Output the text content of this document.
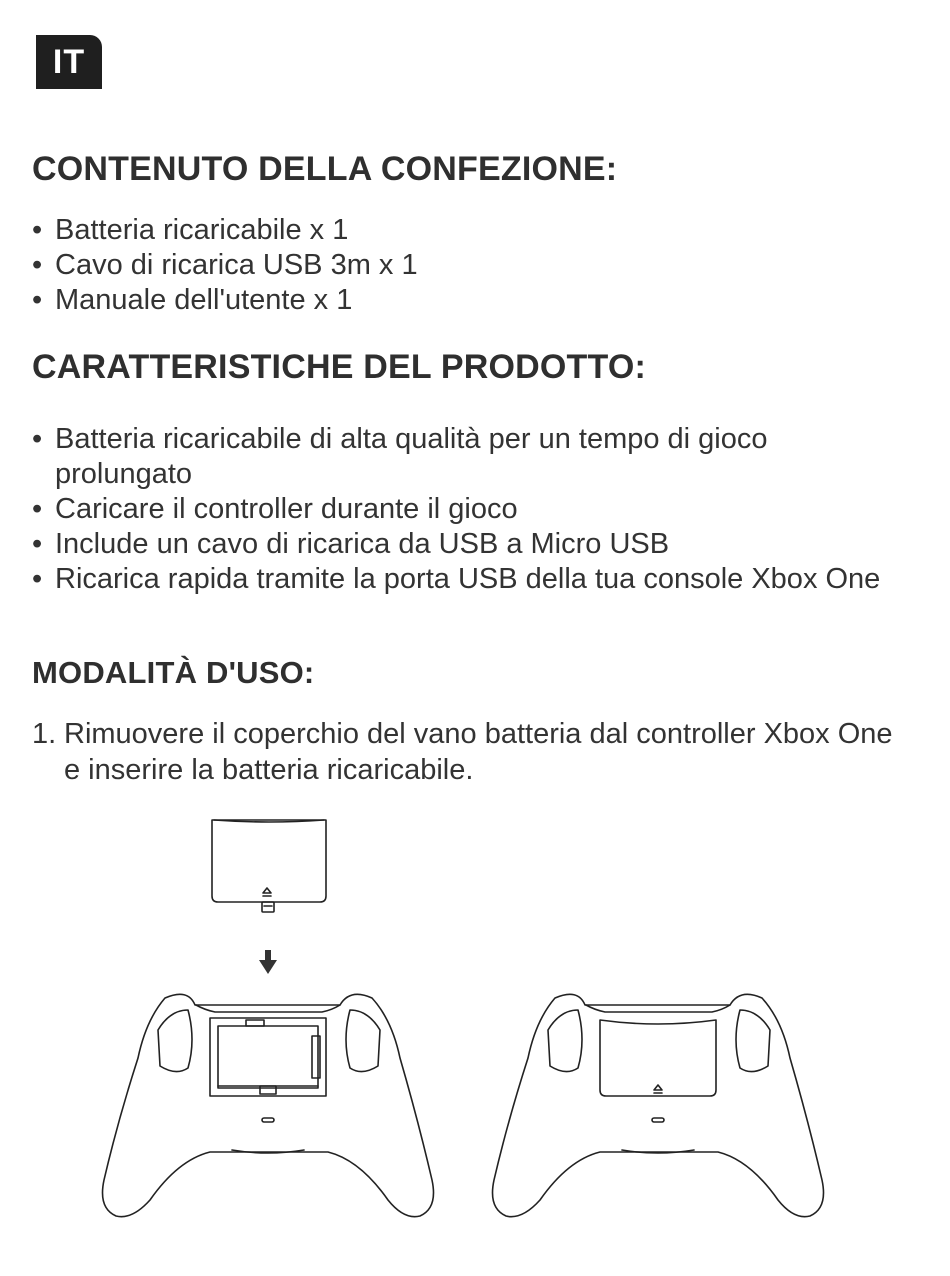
IT
CONTENUTO DELLA CONFEZIONE:
• Batteria ricaricabile x 1
• Cavo di ricarica USB 3m x 1
• Manuale dell'utente x 1
CARATTERISTICHE DEL PRODOTTO:
• Batteria ricaricabile di alta qualità per un tempo di gioco prolungato
• Caricare il controller durante il gioco
• Include un cavo di ricarica da USB a Micro USB
• Ricarica rapida tramite la porta USB della tua console Xbox One
MODALITÀ D'USO:
1. Rimuovere il coperchio del vano batteria dal controller Xbox One e inserire la batteria ricaricabile.
